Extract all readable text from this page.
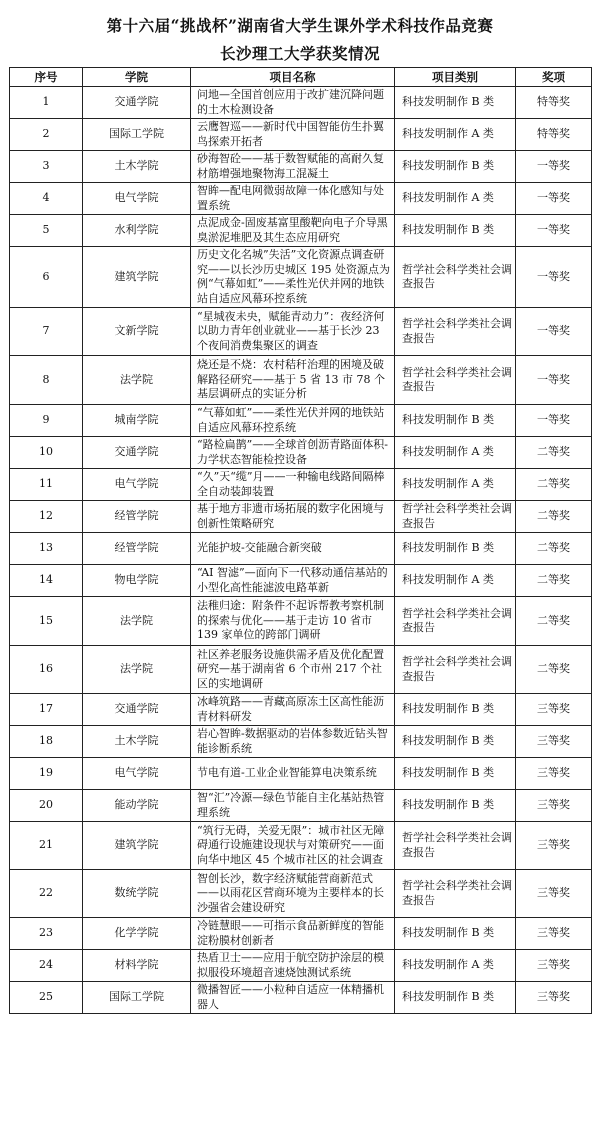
第十六届“挑战杯”湖南省大学生课外学术科技作品竞赛
长沙理工大学获奖情况
序号	学院	项目名称	项目类别	奖项
1	交通学院	问地—全国首创应用于改扩建沉降问题的土木检测设备	科技发明制作 B 类	特等奖
2	国际工学院	云鹰智巡——新时代中国智能仿生扑翼鸟探索开拓者	科技发明制作 A 类	特等奖
3	土木学院	砂海智砼——基于数智赋能的高耐久复材筋增强地聚物海工混凝土	科技发明制作 B 类	一等奖
4	电气学院	智眸—配电网微弱故障一体化感知与处置系统	科技发明制作 A 类	一等奖
5	水利学院	点泥成金-固废基富里酸靶向电子介导黑臭淤泥堆肥及其生态应用研究	科技发明制作 B 类	一等奖
6	建筑学院	历史文化名城”失活”文化资源点调查研究——以长沙历史城区 195 处资源点为例“气幕如虹”——柔性光伏并网的地铁站自适应风幕环控系统	哲学社会科学类社会调查报告	一等奖
7	文新学院	“星城夜未央，赋能青动力”：夜经济何以助力青年创业就业——基于长沙 23 个夜间消费集聚区的调查	哲学社会科学类社会调查报告	一等奖
8	法学院	烧还是不烧：农村秸秆治理的困境及破解路径研究——基于 5 省 13 市 78 个基层调研点的实证分析	哲学社会科学类社会调查报告	一等奖
9	城南学院	“气幕如虹”——柔性光伏并网的地铁站自适应风幕环控系统	科技发明制作 B 类	一等奖
10	交通学院	“路检扁鹊”——全球首创沥青路面体积-力学状态智能检控设备	科技发明制作 A 类	二等奖
11	电气学院	“久”天“缆”月——一种输电线路间隔棒全自动装卸装置	科技发明制作 A 类	二等奖
12	经管学院	基于地方非遗市场拓展的数字化困境与创新性策略研究	哲学社会科学类社会调查报告	二等奖
13	经管学院	光能护坡-交能融合新突破	科技发明制作 B 类	二等奖
14	物电学院	“AI 智滤”—面向下一代移动通信基站的小型化高性能滤波电路革新	科技发明制作 A 类	二等奖
15	法学院	法稚归途：附条件不起诉帮教考察机制的探索与优化——基于走访 10 省市 139 家单位的跨部门调研	哲学社会科学类社会调查报告	二等奖
16	法学院	社区养老服务设施供需矛盾及优化配置研究—基于湖南省 6 个市州 217 个社区的实地调研	哲学社会科学类社会调查报告	二等奖
17	交通学院	冰峰筑路——青藏高原冻土区高性能沥青材料研发	科技发明制作 B 类	三等奖
18	土木学院	岩心智眸-数据驱动的岩体参数近钻头智能诊断系统	科技发明制作 B 类	三等奖
19	电气学院	节电有道-工业企业智能算电决策系统	科技发明制作 B 类	三等奖
20	能动学院	智“汇”冷源—绿色节能自主化基站热管理系统	科技发明制作 B 类	三等奖
21	建筑学院	“筑行无碍，关爱无限”：城市社区无障碍通行设施建设现状与对策研究——面向华中地区 45 个城市社区的社会调查	哲学社会科学类社会调查报告	三等奖
22	数统学院	智创长沙，数字经济赋能营商新范式——以雨花区营商环境为主要样本的长沙强省会建设研究	哲学社会科学类社会调查报告	三等奖
23	化学学院	冷链慧眼——可指示食品新鲜度的智能淀粉膜材创新者	科技发明制作 B 类	三等奖
24	材料学院	热盾卫士——应用于航空防护涂层的模拟服役环境超音速烧蚀测试系统	科技发明制作 A 类	三等奖
25	国际工学院	微播智匠——小粒种自适应一体精播机器人	科技发明制作 B 类	三等奖
